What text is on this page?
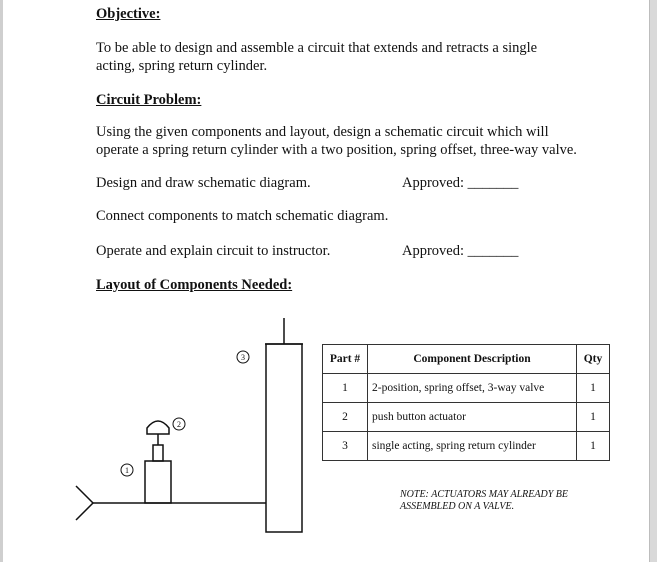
Objective:
To be able to design and assemble a circuit that extends and retracts a single
acting, spring return cylinder.
Circuit Problem:
Using the given components and layout, design a schematic circuit which will
operate a spring return cylinder with a two position, spring offset, three-way valve.
Design and draw schematic diagram.	Approved: _______
Connect components to match schematic diagram.
Operate and explain circuit to instructor.	Approved: _______
Layout of Components Needed:
3
2
1
Part #	Component Description	Qty
1	2-position, spring offset, 3-way valve	1
2	push button actuator	1
3	single acting, spring return cylinder	1
NOTE: ACTUATORS MAY ALREADY BE
ASSEMBLED ON A VALVE.
